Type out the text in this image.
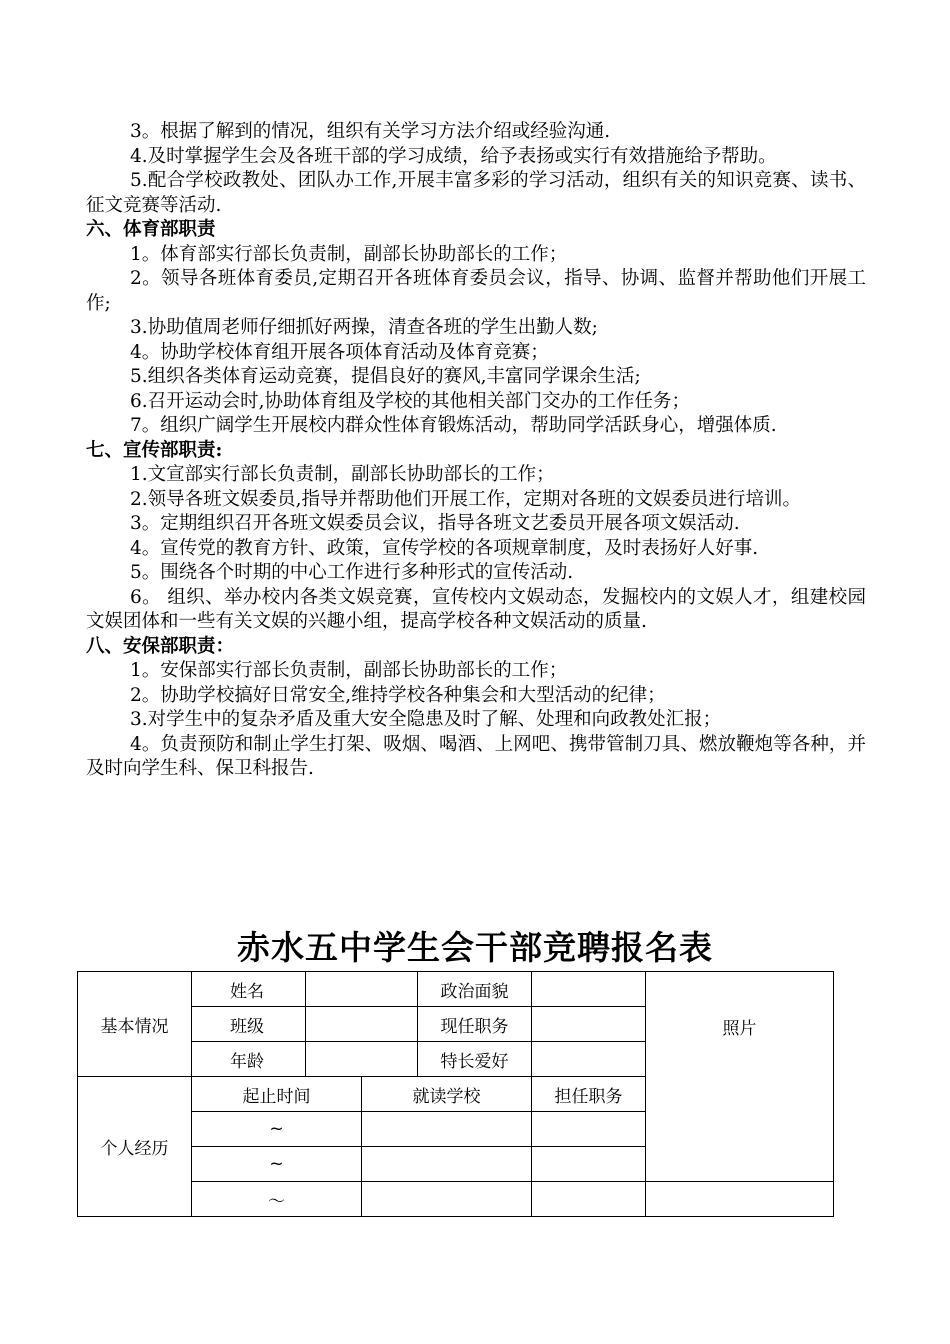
3。根据了解到的情况，组织有关学习方法介绍或经验沟通.

4.及时掌握学生会及各班干部的学习成绩，给予表扬或实行有效措施给予帮助。

5.配合学校政教处、团队办工作,开展丰富多彩的学习活动，组织有关的知识竞赛、读书、征文竞赛等活动.

六、体育部职责

1。体育部实行部长负责制，副部长协助部长的工作；

2。领导各班体育委员,定期召开各班体育委员会议，指导、协调、监督并帮助他们开展工作;

3.协助值周老师仔细抓好两操，清查各班的学生出勤人数;

4。协助学校体育组开展各项体育活动及体育竞赛；

5.组织各类体育运动竞赛，提倡良好的赛风,丰富同学课余生活;

6.召开运动会时,协助体育组及学校的其他相关部门交办的工作任务；

7。组织广阔学生开展校内群众性体育锻炼活动，帮助同学活跃身心，增强体质.

七、宣传部职责:

1.文宣部实行部长负责制，副部长协助部长的工作；

2.领导各班文娱委员,指导并帮助他们开展工作，定期对各班的文娱委员进行培训。

3。定期组织召开各班文娱委员会议，指导各班文艺委员开展各项文娱活动.

4。宣传党的教育方针、政策，宣传学校的各项规章制度，及时表扬好人好事.

5。围绕各个时期的中心工作进行多种形式的宣传活动.

6。 组织、举办校内各类文娱竞赛，宣传校内文娱动态，发掘校内的文娱人才，组建校园文娱团体和一些有关文娱的兴趣小组，提高学校各种文娱活动的质量.

八、安保部职责：

1。安保部实行部长负责制，副部长协助部长的工作；

2。协助学校搞好日常安全,维持学校各种集会和大型活动的纪律；

3.对学生中的复杂矛盾及重大安全隐患及时了解、处理和向政教处汇报；

4。负责预防和制止学生打架、吸烟、喝酒、上网吧、携带管制刀具、燃放鞭炮等各种，并及时向学生科、保卫科报告.

赤水五中学生会干部竞聘报名表
基本情况	姓名			政治面貌		照片
	班级			现任职务		
	年龄			特长爱好		
个人经历	起止时间		就读学校		担任职务	
	~					
	~					
	～					
